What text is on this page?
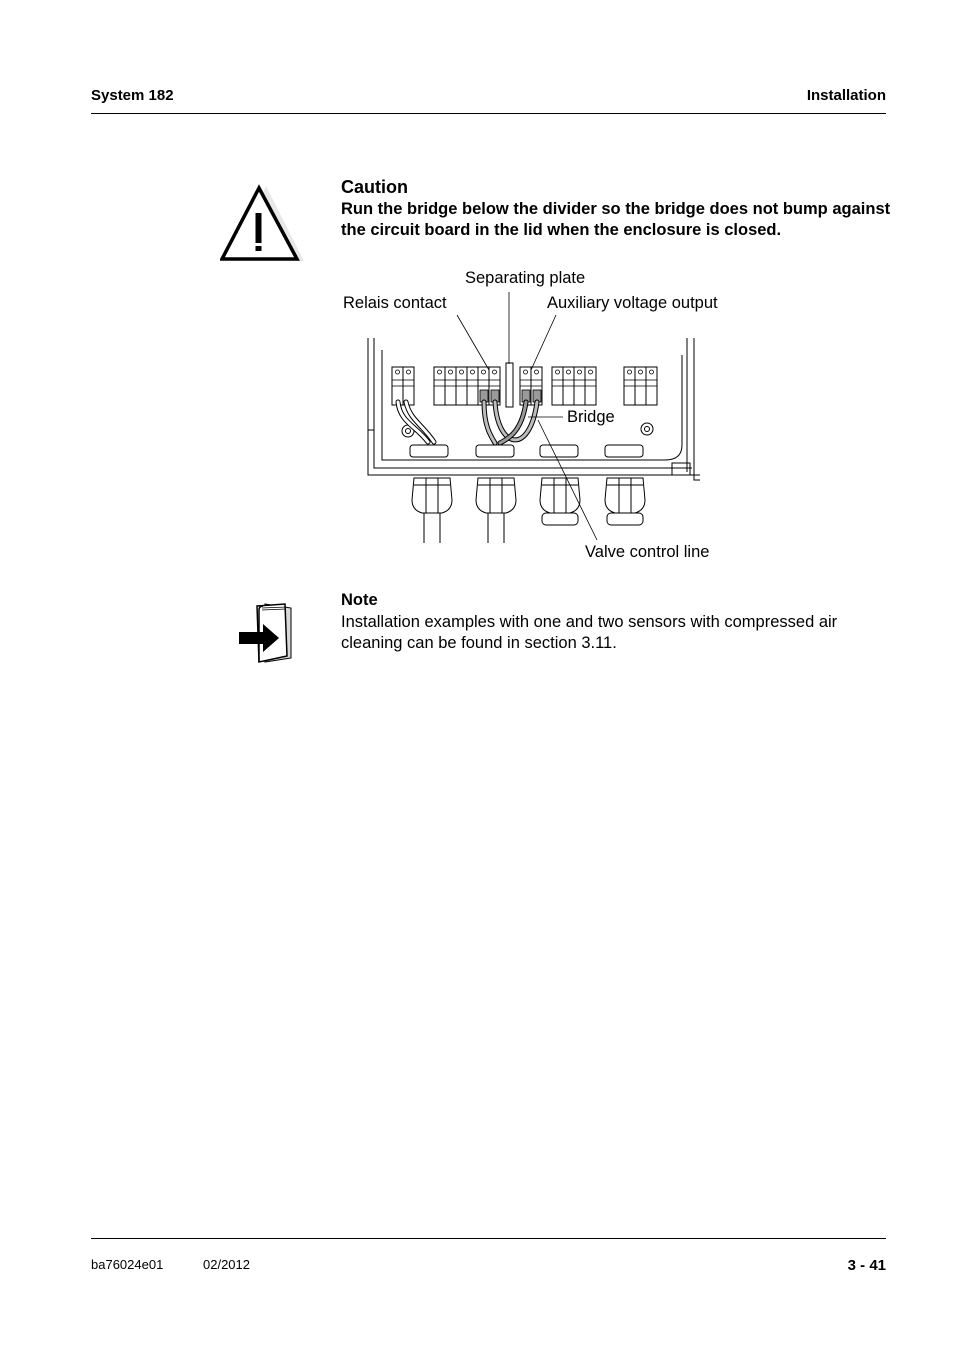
System 182	Installation
Caution
Run the bridge below the divider so the bridge does not bump against the circuit board in the lid when the enclosure is closed.
Separating plate
Relais contact	Auxiliary voltage output
Bridge
Valve control line
Note
Installation examples with one and two sensors with compressed air cleaning can be found in section 3.11.
ba76024e01	02/2012	3 - 41
